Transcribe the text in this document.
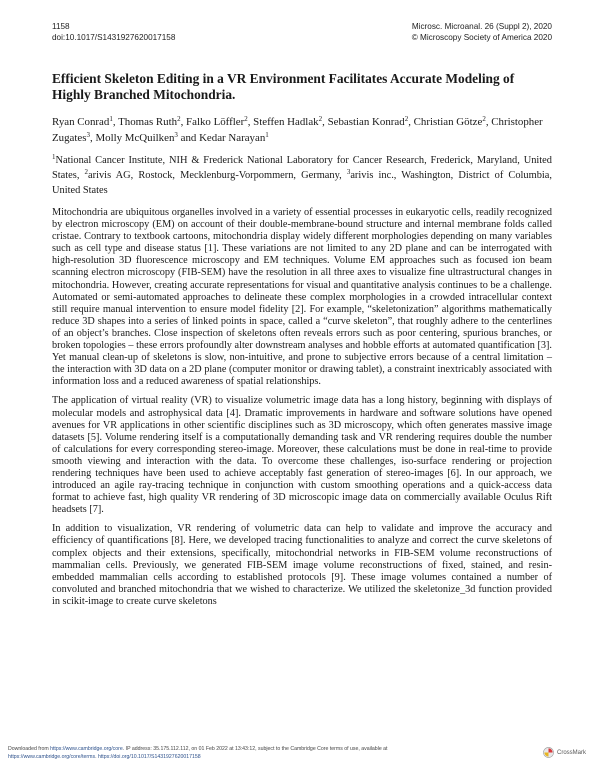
1158
doi:10.1017/S1431927620017158
Microsc. Microanal. 26 (Suppl 2), 2020
© Microscopy Society of America 2020
Efficient Skeleton Editing in a VR Environment Facilitates Accurate Modeling of Highly Branched Mitochondria.
Ryan Conrad$^1$, Thomas Ruth$^2$, Falko Löffler$^2$, Steffen Hadlak$^2$, Sebastian Konrad$^2$, Christian Götze$^2$, Christopher Zugates$^3$, Molly McQuilken$^3$ and Kedar Narayan$^1$
$^1$National Cancer Institute, NIH & Frederick National Laboratory for Cancer Research, Frederick, Maryland, United States, $^2$arivis AG, Rostock, Mecklenburg-Vorpommern, Germany, $^3$arivis inc., Washington, District of Columbia, United States

Mitochondria are ubiquitous organelles involved in a variety of essential processes in eukaryotic cells, readily recognized by electron microscopy (EM) on account of their double-membrane-bound structure and internal membrane folds called cristae. Contrary to textbook cartoons, mitochondria display widely different morphologies depending on many variables such as cell type and disease status [1]. These variations are not limited to any 2D plane and can be interrogated with high-resolution 3D fluorescence microscopy and EM techniques. Volume EM approaches such as focused ion beam scanning electron microscopy (FIB-SEM) have the resolution in all three axes to visualize fine ultrastructural changes in mitochondria. However, creating accurate representations for visual and quantitative analysis continues to be a challenge. Automated or semi-automated approaches to delineate these complex morphologies in a crowded intracellular context still require manual intervention to ensure model fidelity [2]. For example, “skeletonization” algorithms mathematically reduce 3D shapes into a series of linked points in space, called a “curve skeleton”, that roughly adhere to the centerlines of an object’s branches. Close inspection of skeletons often reveals errors such as poor centering, spurious branches, or broken topologies – these errors profoundly alter downstream analyses and hobble efforts at automated quantification [3]. Yet manual clean-up of skeletons is slow, non-intuitive, and prone to subjective errors because of a central limitation – the interaction with 3D data on a 2D plane (computer monitor or drawing tablet), a constraint inextricably associated with information loss and a reduced awareness of spatial relationships.

The application of virtual reality (VR) to visualize volumetric image data has a long history, beginning with displays of molecular models and astrophysical data [4]. Dramatic improvements in hardware and software solutions have opened avenues for VR applications in other scientific disciplines such as 3D microscopy, which often generates massive image datasets [5]. Volume rendering itself is a computationally demanding task and VR rendering requires double the number of calculations for every corresponding stereo-image. Moreover, these calculations must be done in real-time to provide smooth viewing and interaction with the data. To overcome these challenges, iso-surface rendering or projection rendering techniques have been used to achieve acceptably fast generation of stereo-images [6]. In our approach, we introduced an agile ray-tracing technique in conjunction with custom smoothing operations and a quick-access data format to achieve fast, high quality VR rendering of 3D microscopic image data on commercially available Oculus Rift headsets [7].

In addition to visualization, VR rendering of volumetric data can help to validate and improve the accuracy and efficiency of quantifications [8]. Here, we developed tracing functionalities to analyze and correct the curve skeletons of complex objects and their extensions, specifically, mitochondrial networks in FIB-SEM volume reconstructions of mammalian cells. Previously, we generated FIB-SEM image volume reconstructions of fixed, stained, and resin-embedded mammalian cells according to established protocols [9]. These image volumes contained a number of convoluted and branched mitochondria that we wished to characterize. We utilized the skeletonize_3d function provided in scikit-image to create curve skeletons

Downloaded from https://www.cambridge.org/core. IP address: 35.175.112.112, on 01 Feb 2022 at 13:43:12, subject to the Cambridge Core terms of use, available at
https://www.cambridge.org/core/terms. https://doi.org/10.1017/S1431927620017158
CrossMark
